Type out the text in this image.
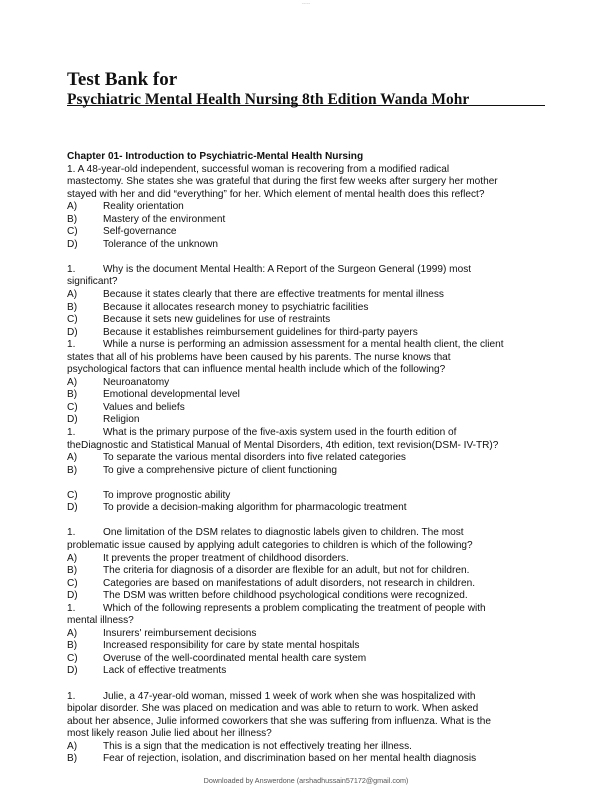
-----

Test Bank for

Psychiatric Mental Health Nursing 8th Edition Wanda Mohr

Chapter 01- Introduction to Psychiatric-Mental Health Nursing
1. A 48-year-old independent, successful woman is recovering from a modified radical
mastectomy. She states she was grateful that during the first few weeks after surgery her mother
stayed with her and did “everything” for her. Which element of mental health does this reflect?
A)	Reality orientation
B)	Mastery of the environment
C)	Self-governance
D)	Tolerance of the unknown
1.	Why is the document Mental Health: A Report of the Surgeon General (1999) most
significant?
A)	Because it states clearly that there are effective treatments for mental illness
B)	Because it allocates research money to psychiatric facilities
C)	Because it sets new guidelines for use of restraints
D)	Because it establishes reimbursement guidelines for third-party payers
1.	While a nurse is performing an admission assessment for a mental health client, the client
states that all of his problems have been caused by his parents. The nurse knows that
psychological factors that can influence mental health include which of the following?
A)	Neuroanatomy
B)	Emotional developmental level
C)	Values and beliefs
D)	Religion
1.	What is the primary purpose of the five-axis system used in the fourth edition of
theDiagnostic and Statistical Manual of Mental Disorders, 4th edition, text revision(DSM- IV-TR)?
A)	To separate the various mental disorders into five related categories
B)	To give a comprehensive picture of client functioning
C)	To improve prognostic ability
D)	To provide a decision-making algorithm for pharmacologic treatment
1.	One limitation of the DSM relates to diagnostic labels given to children. The most
problematic issue caused by applying adult categories to children is which of the following?
A)	It prevents the proper treatment of childhood disorders.
B)	The criteria for diagnosis of a disorder are flexible for an adult, but not for children.
C)	Categories are based on manifestations of adult disorders, not research in children.
D)	The DSM was written before childhood psychological conditions were recognized.
1.	Which of the following represents a problem complicating the treatment of people with
mental illness?
A)	Insurers' reimbursement decisions
B)	Increased responsibility for care by state mental hospitals
C)	Overuse of the well-coordinated mental health care system
D)	Lack of effective treatments
1.	Julie, a 47-year-old woman, missed 1 week of work when she was hospitalized with
bipolar disorder. She was placed on medication and was able to return to work. When asked
about her absence, Julie informed coworkers that she was suffering from influenza. What is the
most likely reason Julie lied about her illness?
A)	This is a sign that the medication is not effectively treating her illness.
B)	Fear of rejection, isolation, and discrimination based on her mental health diagnosis
Downloaded by Answerdone (arshadhussain57172@gmail.com)
